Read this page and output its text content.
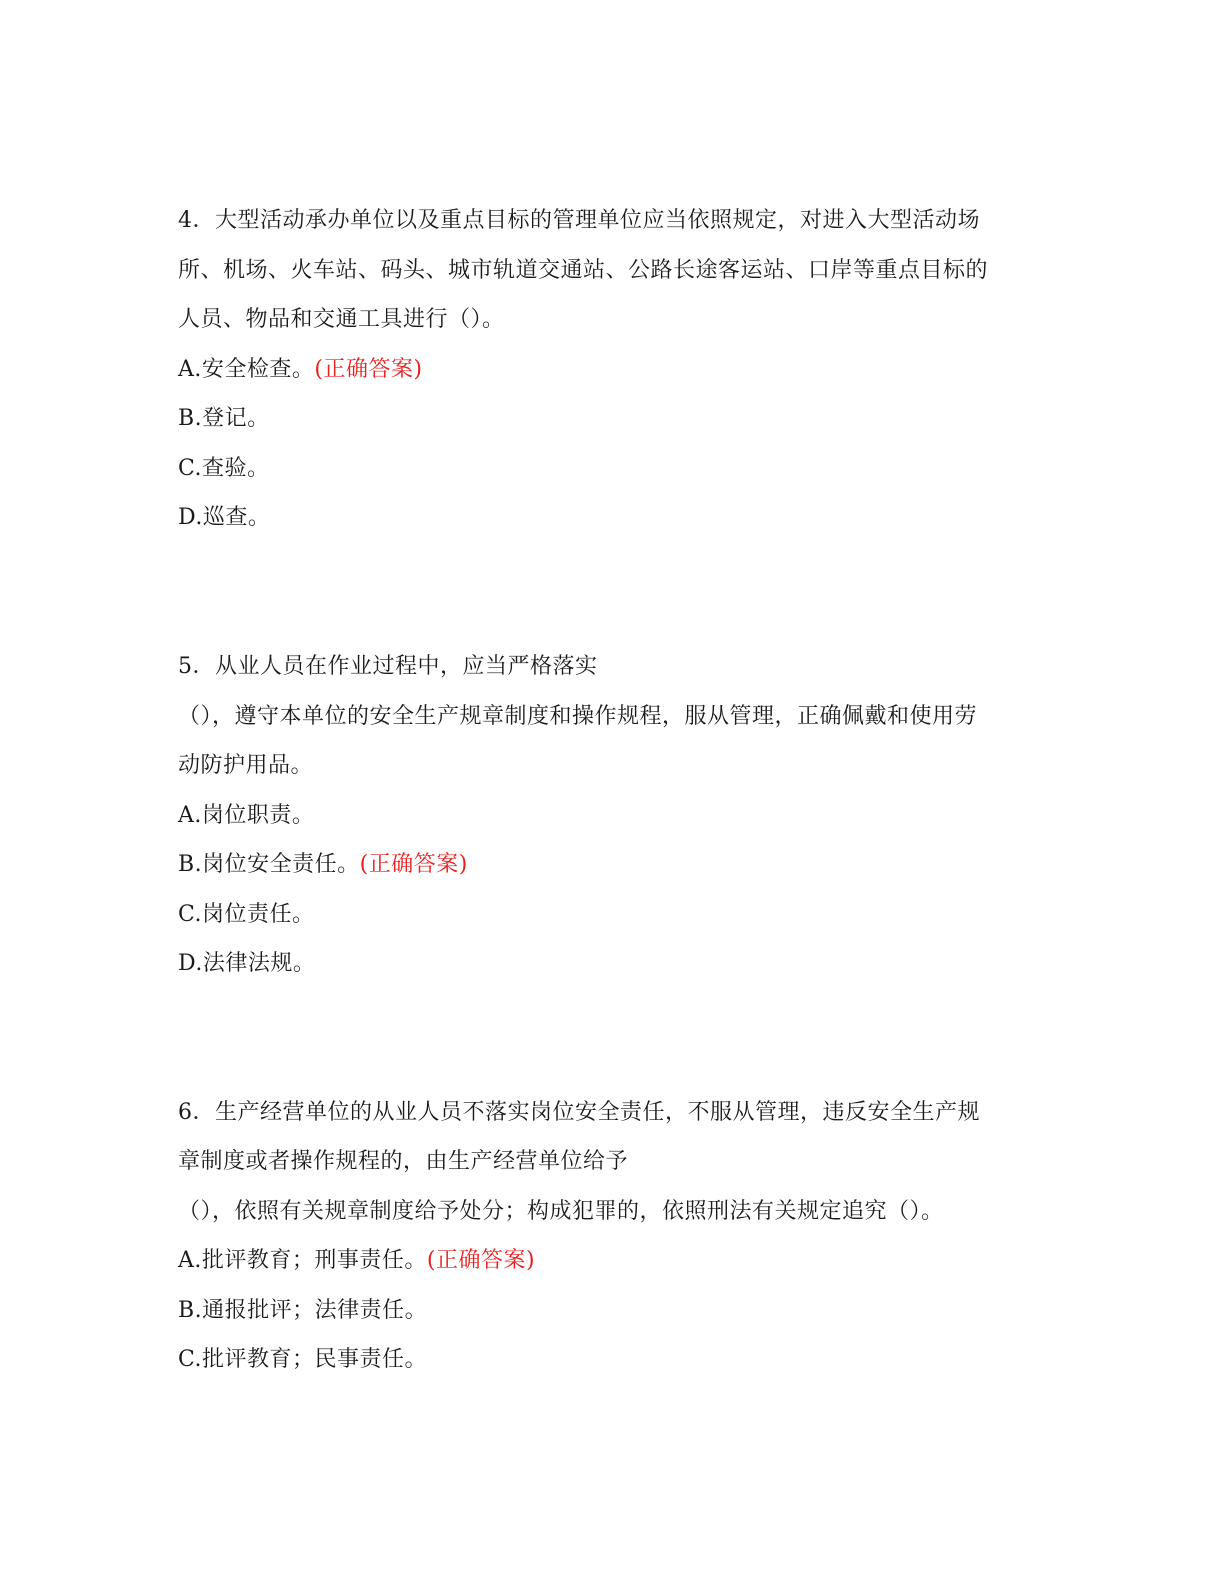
4．大型活动承办单位以及重点目标的管理单位应当依照规定，对进入大型活动场
所、机场、火车站、码头、城市轨道交通站、公路长途客运站、口岸等重点目标的
人员、物品和交通工具进行（）。
A.安全检查。(正确答案)
B.登记。
C.查验。
D.巡查。
5．从业人员在作业过程中，应当严格落实
（），遵守本单位的安全生产规章制度和操作规程，服从管理，正确佩戴和使用劳
动防护用品。
A.岗位职责。
B.岗位安全责任。(正确答案)
C.岗位责任。
D.法律法规。
6．生产经营单位的从业人员不落实岗位安全责任，不服从管理，违反安全生产规
章制度或者操作规程的，由生产经营单位给予
（），依照有关规章制度给予处分；构成犯罪的，依照刑法有关规定追究（）。
A.批评教育；刑事责任。(正确答案)
B.通报批评；法律责任。
C.批评教育；民事责任。
